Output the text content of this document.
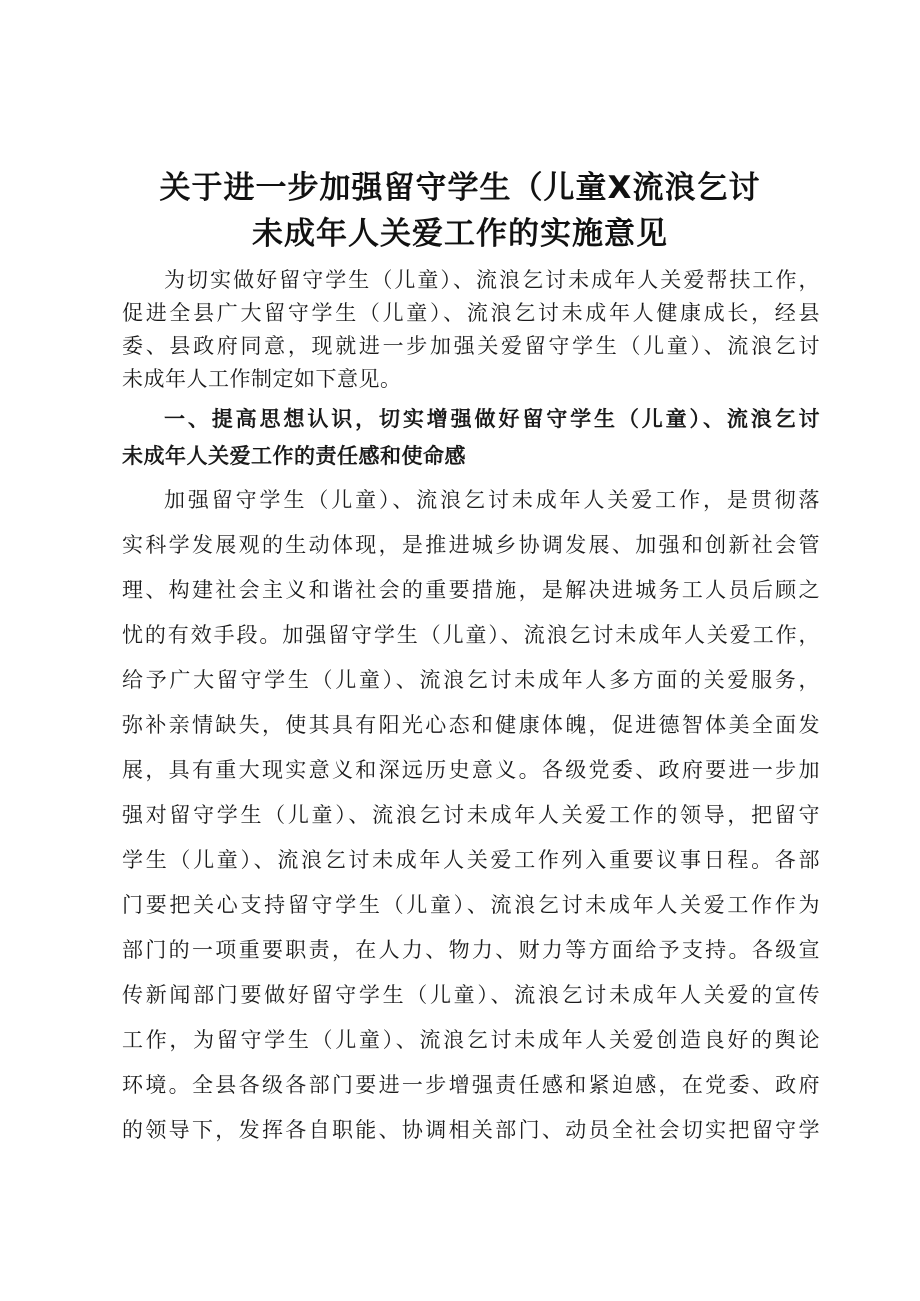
关于进一步加强留守学生（儿童X流浪乞讨
未成年人关爱工作的实施意见
为切实做好留守学生（儿童）、流浪乞讨未成年人关爱帮扶工作，
促进全县广大留守学生（儿童）、流浪乞讨未成年人健康成长，经县
委、县政府同意，现就进一步加强关爱留守学生（儿童）、流浪乞讨
未成年人工作制定如下意见。
一、提高思想认识，切实增强做好留守学生（儿童）、流浪乞讨
未成年人关爱工作的责任感和使命感
加强留守学生（儿童）、流浪乞讨未成年人关爱工作，是贯彻落
实科学发展观的生动体现，是推进城乡协调发展、加强和创新社会管
理、构建社会主义和谐社会的重要措施，是解决进城务工人员后顾之
忧的有效手段。加强留守学生（儿童）、流浪乞讨未成年人关爱工作，
给予广大留守学生（儿童）、流浪乞讨未成年人多方面的关爱服务，
弥补亲情缺失，使其具有阳光心态和健康体魄，促进德智体美全面发
展，具有重大现实意义和深远历史意义。各级党委、政府要进一步加
强对留守学生（儿童）、流浪乞讨未成年人关爱工作的领导，把留守
学生（儿童）、流浪乞讨未成年人关爱工作列入重要议事日程。各部
门要把关心支持留守学生（儿童）、流浪乞讨未成年人关爱工作作为
部门的一项重要职责，在人力、物力、财力等方面给予支持。各级宣
传新闻部门要做好留守学生（儿童）、流浪乞讨未成年人关爱的宣传
工作，为留守学生（儿童）、流浪乞讨未成年人关爱创造良好的舆论
环境。全县各级各部门要进一步增强责任感和紧迫感，在党委、政府
的领导下，发挥各自职能、协调相关部门、动员全社会切实把留守学
